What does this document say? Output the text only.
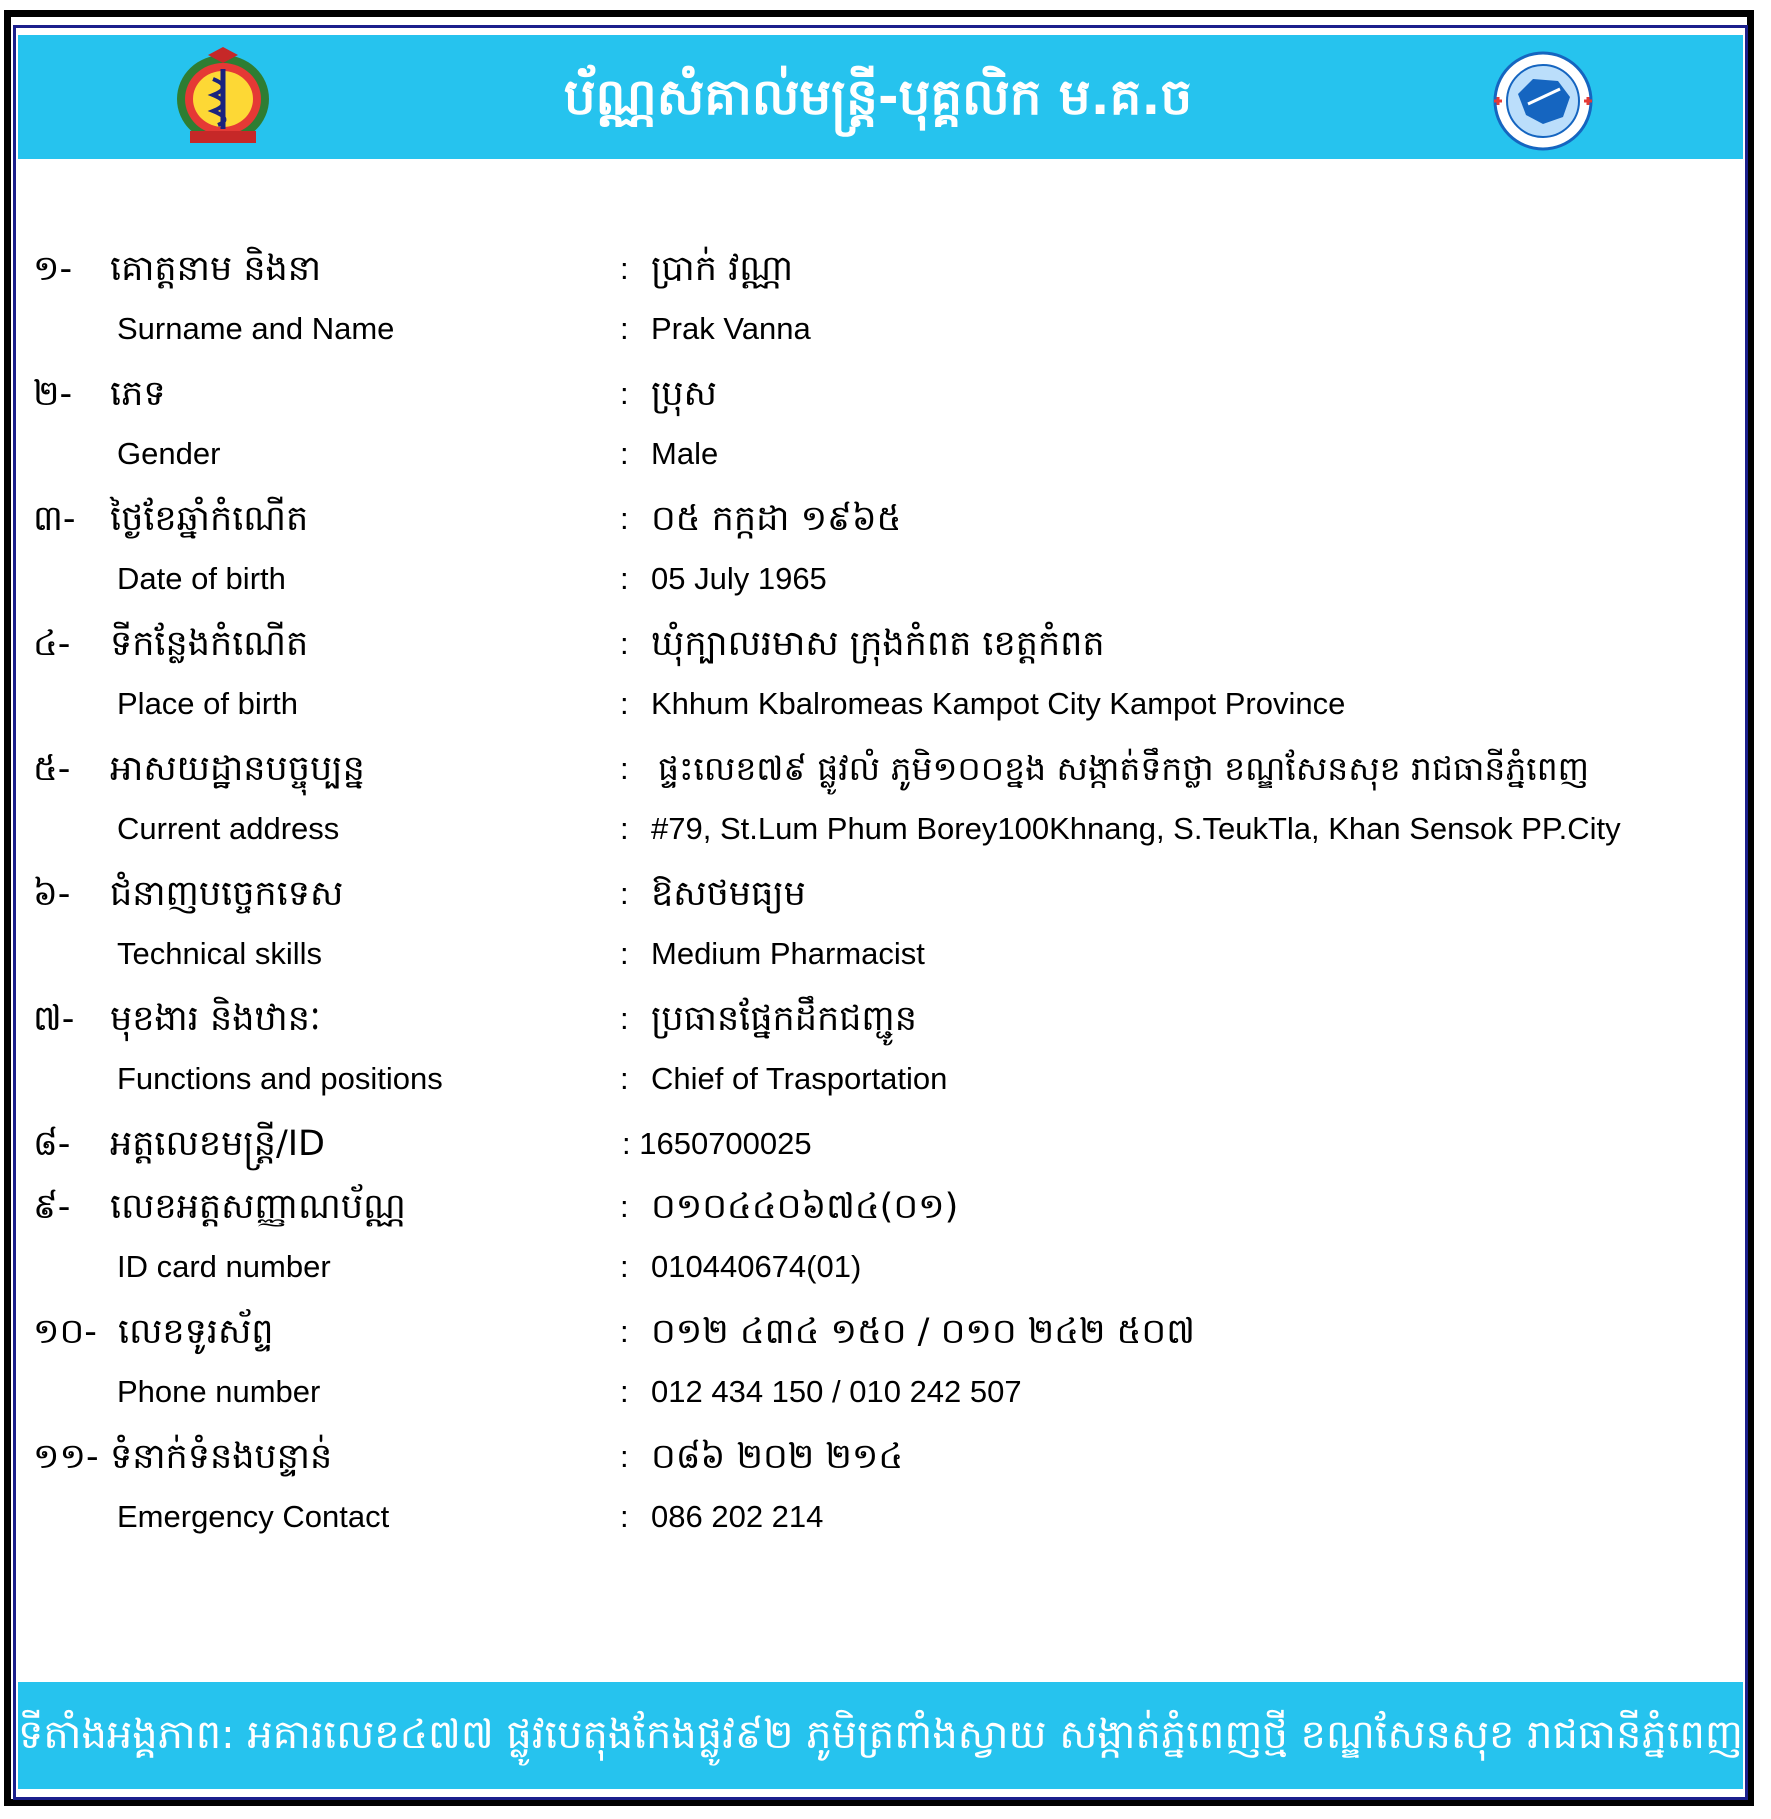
ប័ណ្ណសំគាល់មន្រ្តី-បុគ្គលិក ម.គ.ច
១- គោត្តនាម និងនា	: ប្រាក់ វណ្ណា
Surname and Name	: Prak Vanna
២- ភេទ	: ប្រុស
Gender	: Male
៣- ថ្ងៃខែឆ្នាំកំណើត	: ០៥ កក្កដា ១៩៦៥
Date of birth	: 05 July 1965
៤- ទីកន្លែងកំណើត	: ឃុំក្បាលរមាស ក្រុងកំពត ខេត្តកំពត
Place of birth	: Khhum Kbalromeas Kampot City Kampot Province
៥- អាសយដ្ឋានបច្ចុប្បន្ន	: ផ្ទះលេខ៧៩ ផ្លូវលំ ភូមិ១០០ខ្នង សង្កាត់ទឹកថ្លា ខណ្ឌសែនសុខ រាជធានីភ្នំពេញ
Current address	: #79, St.Lum Phum Borey100Khnang, S.TeukTla, Khan Sensok PP.City
៦- ជំនាញបច្ចេកទេស	: ឱសថមធ្យម
Technical skills	: Medium Pharmacist
៧- មុខងារ និងឋានៈ	: ប្រធានផ្នែកដឹកជញ្ជូន
Functions and positions	: Chief of Trasportation
៨- អត្តលេខមន្ត្រី/ID	: 1650700025
៩- លេខអត្តសញ្ញាណប័ណ្ណ	: ០១០៤៤០៦៧៤(០១)
ID card number	: 010440674(01)
១០- លេខទូរស័ព្ទ	: ០១២ ៤៣៤ ១៥០ / ០១០ ២៤២ ៥០៧
Phone number	: 012 434 150 / 010 242 507
១១- ទំនាក់ទំនងបន្ទាន់	: ០៨៦ ២០២ ២១៤
Emergency Contact	: 086 202 214
ទីតាំងអង្គភាព: អគារលេខ៤៧៧ ផ្លូវបេតុងកែងផ្លូវ៩២ ភូមិត្រពាំងស្វាយ សង្កាត់ភ្នំពេញថ្មី ខណ្ឌសែនសុខ រាជធានីភ្នំពេញ
